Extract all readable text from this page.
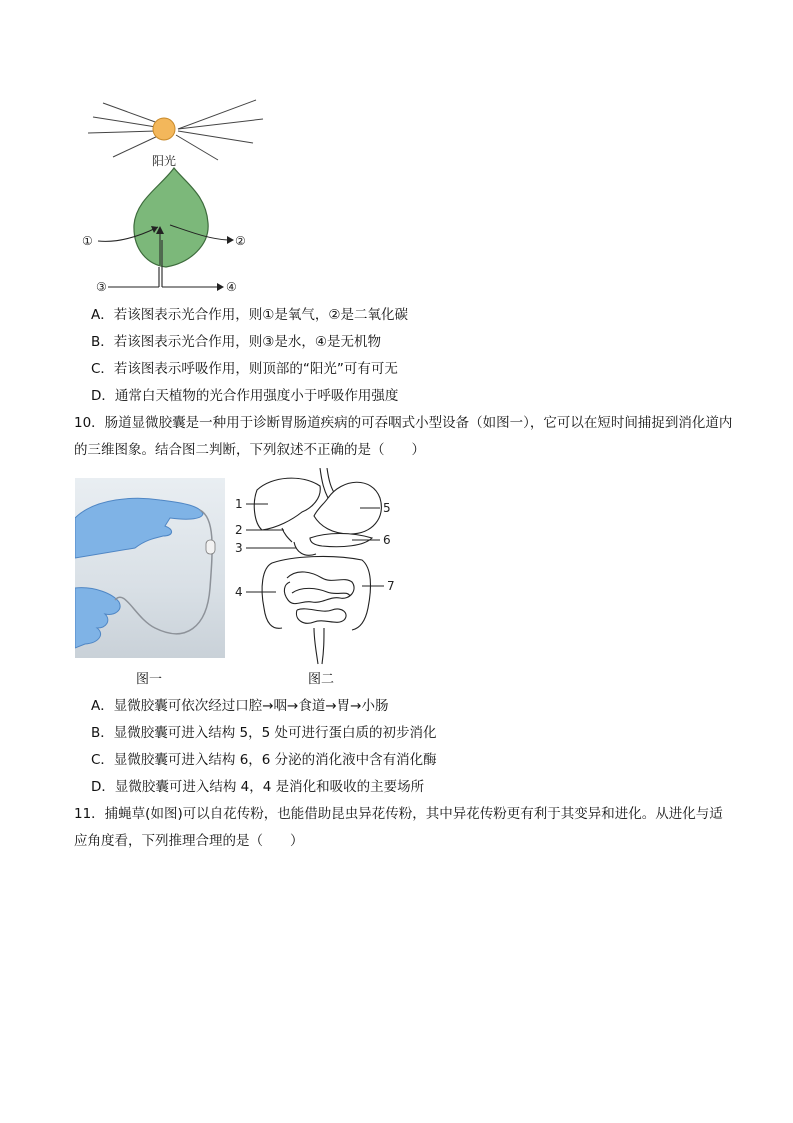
阳光
①	②
③	④
A．若该图表示光合作用，则①是氧气，②是二氧化碳
B．若该图表示光合作用，则③是水，④是无机物
C．若该图表示呼吸作用，则顶部的“阳光”可有可无
D．通常白天植物的光合作用强度小于呼吸作用强度
10．肠道显微胶囊是一种用于诊断胃肠道疾病的可吞咽式小型设备（如图一），它可以在短时间捕捉到消化道内的三维图象。结合图二判断，下列叙述不正确的是（　　）
图一
1
2
3
4
5
6
7
图二
A．显微胶囊可依次经过口腔→咽→食道→胃→小肠
B．显微胶囊可进入结构 5，5 处可进行蛋白质的初步消化
C．显微胶囊可进入结构 6，6 分泌的消化液中含有消化酶
D．显微胶囊可进入结构 4，4 是消化和吸收的主要场所
11．捕蝇草(如图)可以自花传粉，也能借助昆虫异花传粉，其中异花传粉更有利于其变异和进化。从进化与适应角度看，下列推理合理的是（　　）
